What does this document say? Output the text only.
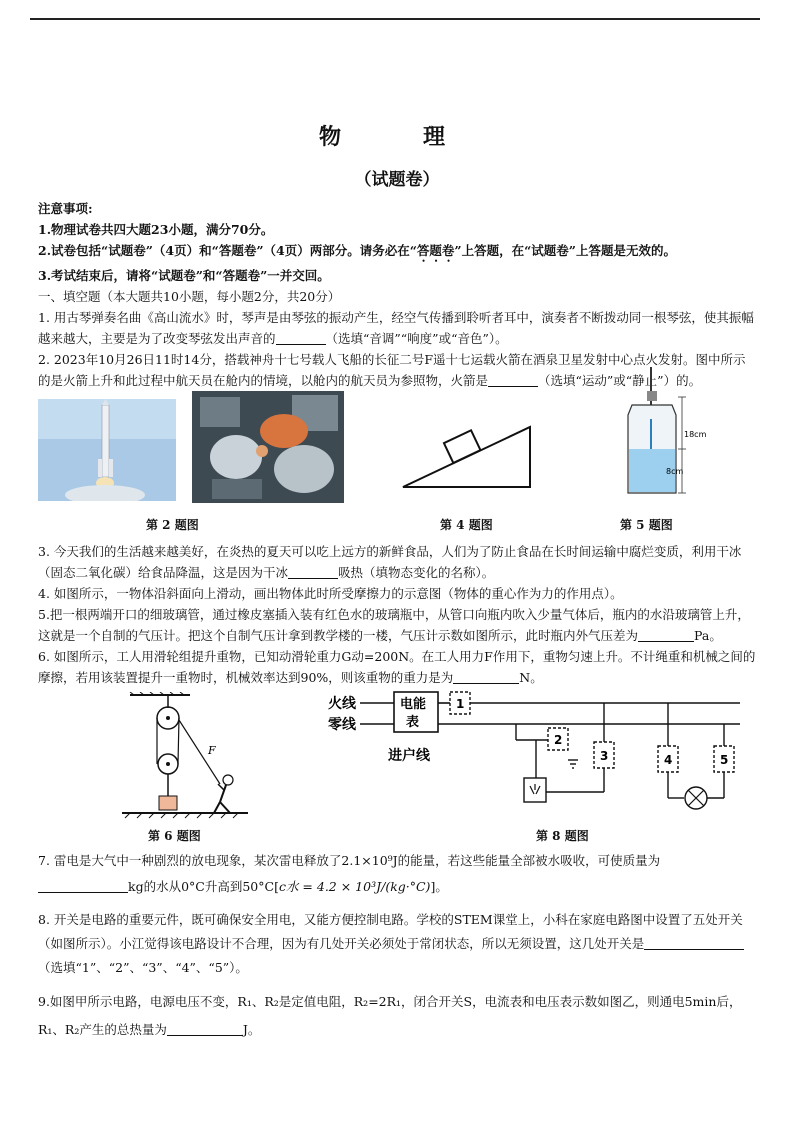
物　理
（试题卷）

注意事项:

1.物理试卷共四大题23小题，满分70分。

2.试卷包括“试题卷”（4页）和“答题卷”（4页）两部分。请务必在“答题卷”上答题，在“试题卷”上答题是无效的。

3.考试结束后，请将“试题卷”和“答题卷”一并交回。

一、填空题（本大题共10小题，每小题2分，共20分）

1. 用古琴弹奏名曲《高山流水》时，琴声是由琴弦的振动产生，经空气传播到聆听者耳中，演奏者不断拨动同一根琴弦，使其振幅越来越大，主要是为了改变琴弦发出声音的	（选填“音调”“响度”或“音色”）。

2. 2023年10月26日11时14分，搭载神舟十七号载人飞船的长征二号F遥十七运载火箭在酒泉卫星发射中心点火发射。图中所示的是火箭上升和此过程中航天员在舱内的情境，以舱内的航天员为参照物，火箭是	（选填“运动”或“静止”）的。

18cm
8cm
第 2 题图	第 4 题图	第 5 题图

3. 今天我们的生活越来越美好，在炎热的夏天可以吃上远方的新鲜食品，人们为了防止食品在长时间运输中腐烂变质，利用干冰（固态二氧化碳）给食品降温，这是因为干冰	吸热（填物态变化的名称）。

4. 如图所示，一物体沿斜面向上滑动，画出物体此时所受摩擦力的示意图（物体的重心作为力的作用点）。

5.把一根两端开口的细玻璃管，通过橡皮塞插入装有红色水的玻璃瓶中，从管口向瓶内吹入少量气体后，瓶内的水沿玻璃管上升，这就是一个自制的气压计。把这个自制气压计拿到教学楼的一楼，气压计示数如图所示，此时瓶内外气压差为	Pa。

6. 如图所示，工人用滑轮组提升重物，已知动滑轮重力G动=200N。在工人用力F作用下，重物匀速上升。不计绳重和机械之间的摩擦，若用该装置提升一重物时，机械效率达到90%，则该重物的重力是为	N。

F
火线
零线
电能
表
1
进户线
2
3	4	5
第 6 题图	第 8 题图

7. 雷电是大气中一种剧烈的放电现象，某次雷电释放了2.1×10⁹J的能量，若这些能量全部被水吸收，可使质量为
kg的水从0°C升高到50°C[c水 = 4.2 × 10³J/(kg·°C)]。

8. 开关是电路的重要元件，既可确保安全用电，又能方便控制电路。学校的STEM课堂上，小科在家庭电路图中设置了五处开关（如图所示）。小江觉得该电路设计不合理，因为有几处开关必须处于常闭状态，所以无须设置，这几处开关是（选填“1”、“2”、“3”、“4”、“5”）。

9.如图甲所示电路，电源电压不变，R₁、R₂是定值电阻，R₂=2R₁，闭合开关S，电流表和电压表示数如图乙，则通电5min后，R₁、R₂产生的总热量为	J。
